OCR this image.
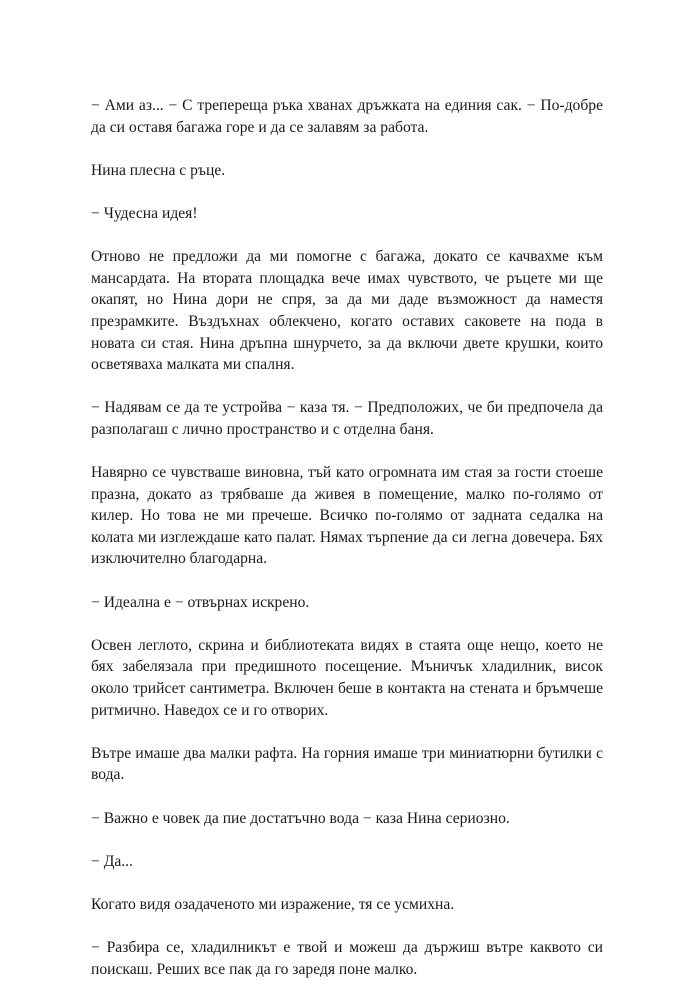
− Ами аз... − С трепереща ръка хванах дръжката на единия сак. − По-добре да си оставя багажа горе и да се залавям за работа.

Нина плесна с ръце.

− Чудесна идея!

Отново не предложи да ми помогне с багажа, докато се качвахме към мансардата. На втората площадка вече имах чувството, че ръцете ми ще окапят, но Нина дори не спря, за да ми даде възможност да наместя презрамките. Въздъхнах облекчено, когато оставих саковете на пода в новата си стая. Нина дръпна шнурчето, за да включи двете крушки, които осветяваха малката ми спалня.

− Надявам се да те устройва − каза тя. − Предположих, че би предпочела да разполагаш с лично пространство и с отделна баня.

Навярно се чувстваше виновна, тъй като огромната им стая за гости стоеше празна, докато аз трябваше да живея в помещение, малко по-голямо от килер. Но това не ми пречеше. Всичко по-голямо от задната седалка на колата ми изглеждаше като палат. Нямах търпение да си легна довечера. Бях изключително благодарна.

− Идеална е − отвърнах искрено.

Освен леглото, скрина и библиотеката видях в стаята още нещо, което не бях забелязала при предишното посещение. Мъничък хладилник, висок около трийсет сантиметра. Включен беше в контакта на стената и бръмчеше ритмично. Наведох се и го отворих.

Вътре имаше два малки рафта. На горния имаше три миниатюрни бутилки с вода.

− Важно е човек да пие достатъчно вода − каза Нина сериозно.

− Да...

Когато видя озадаченото ми изражение, тя се усмихна.

− Разбира се, хладилникът е твой и можеш да държиш вътре каквото си поискаш. Реших все пак да го заредя поне малко.
